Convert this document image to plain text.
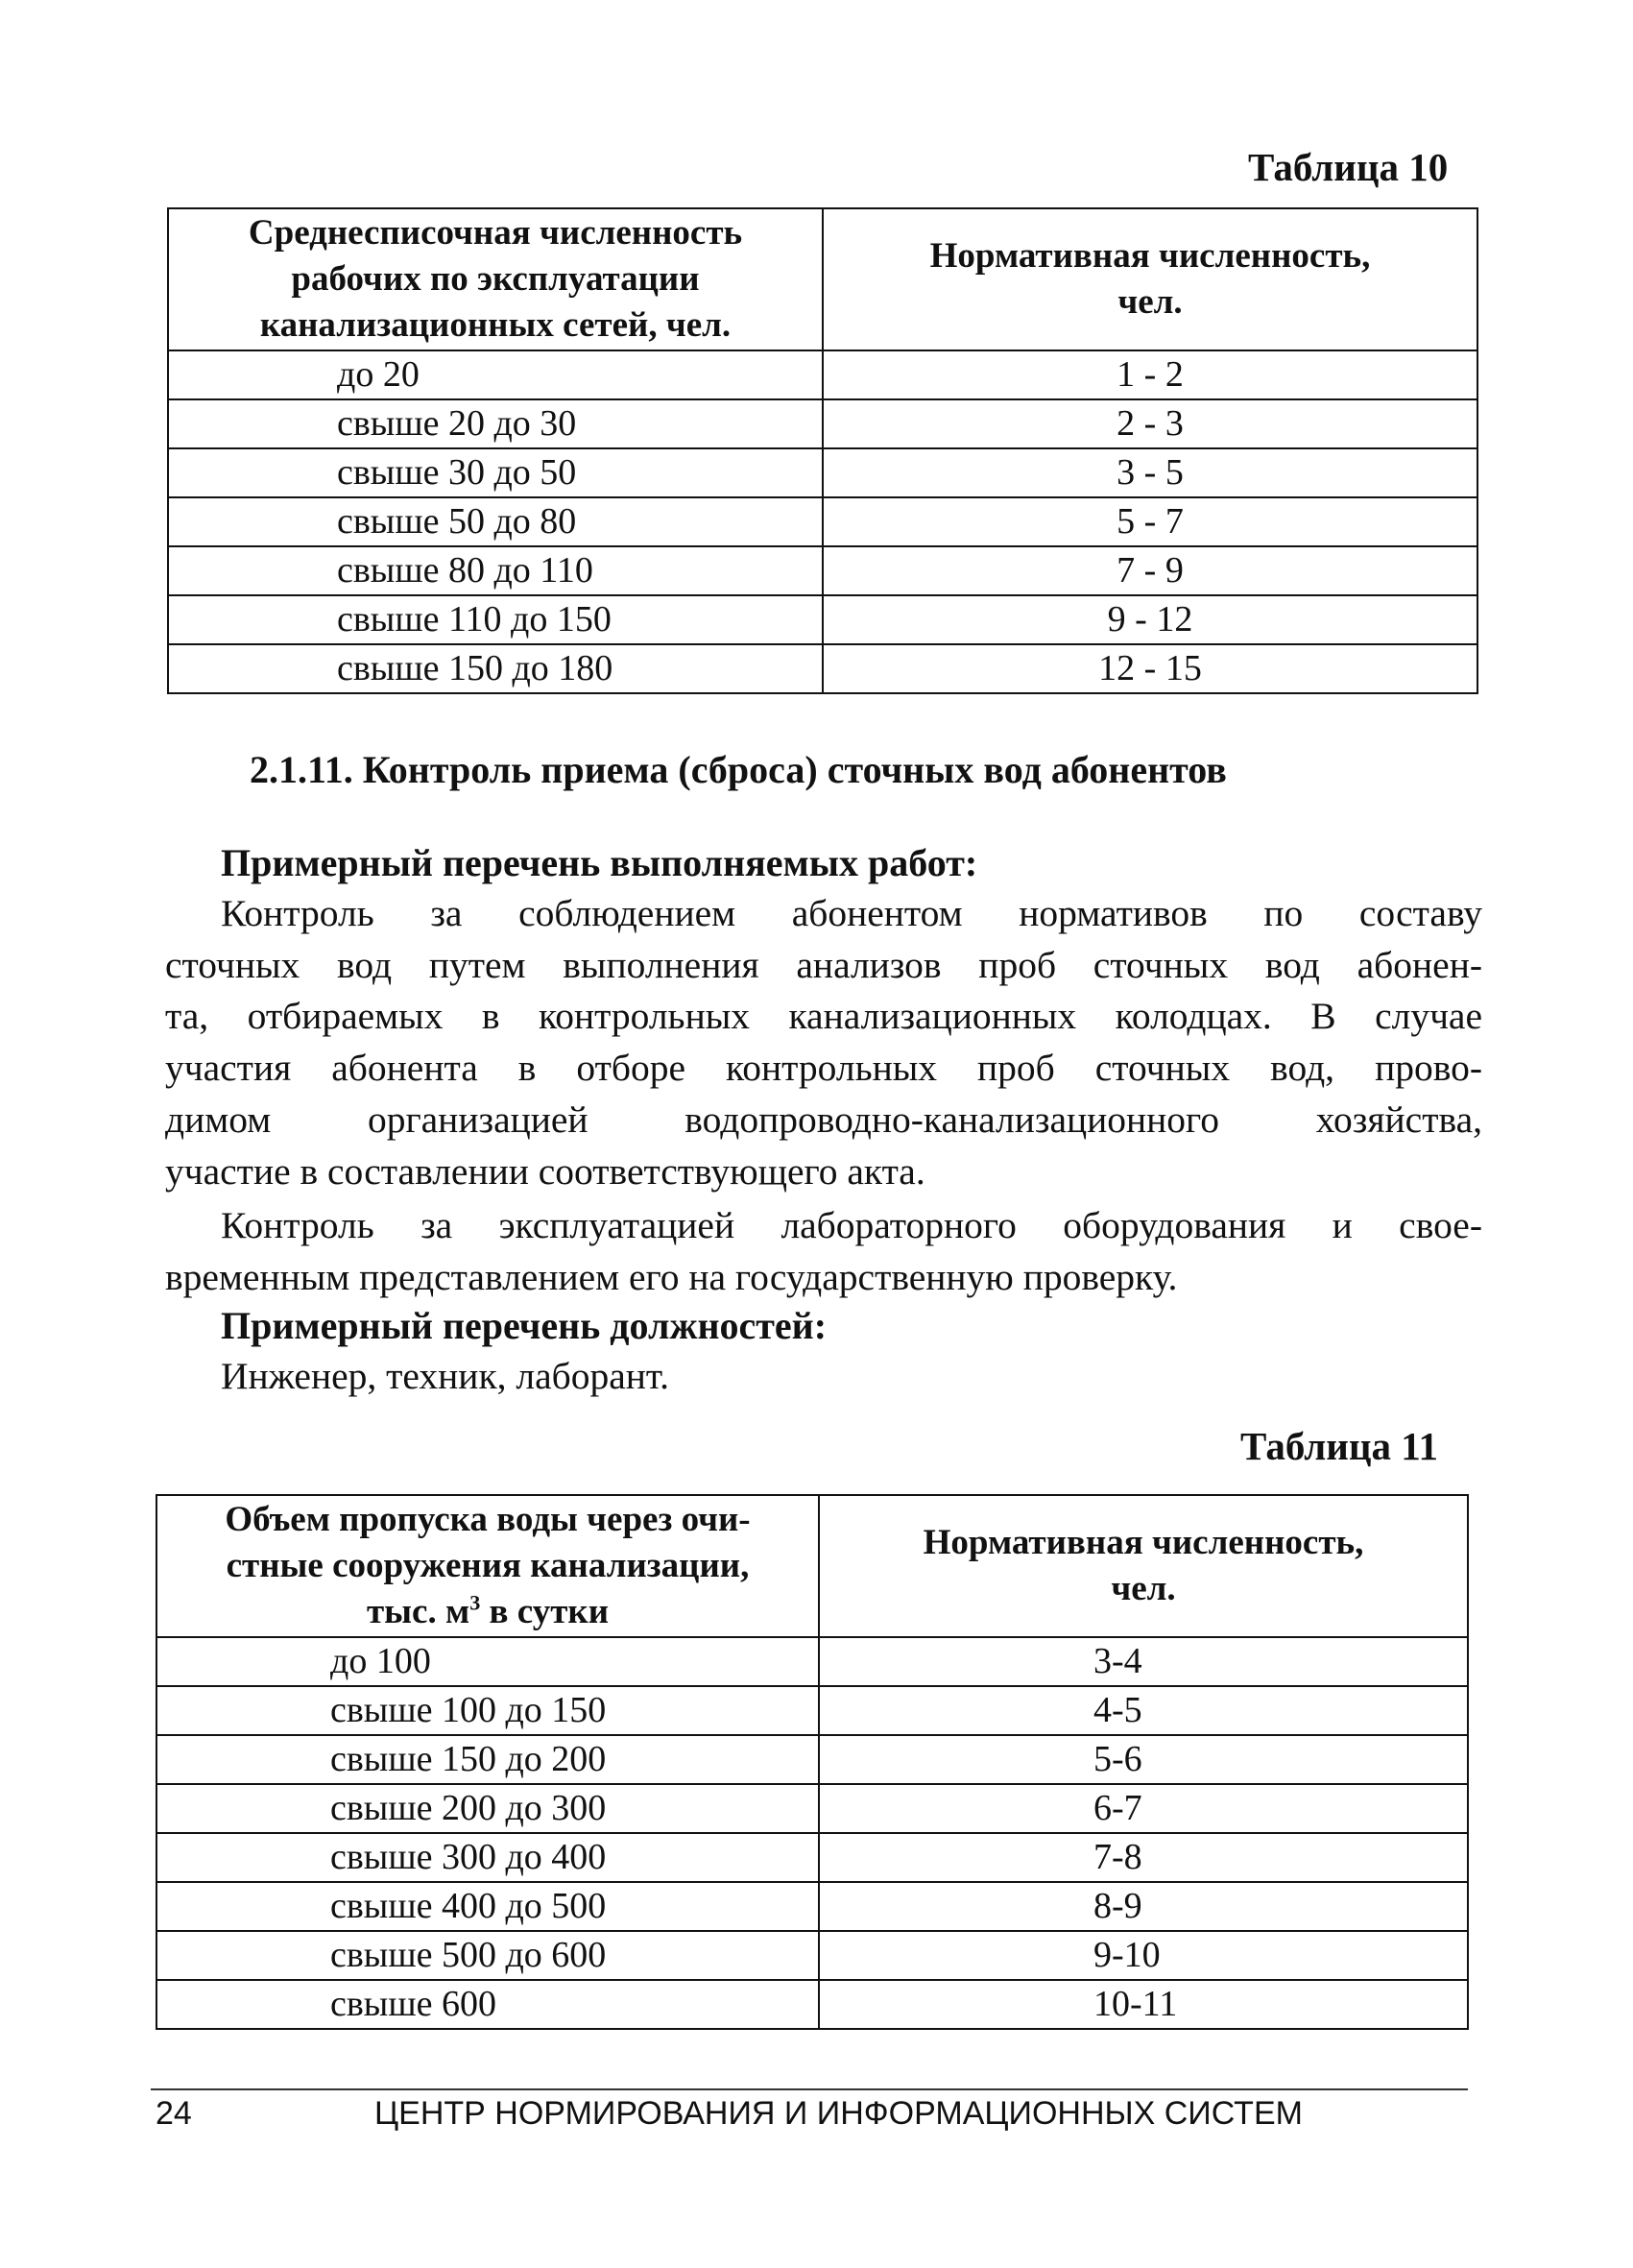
Таблица 10
Среднесписочная численность
рабочих по эксплуатации
канализационных сетей, чел.	Нормативная численность,
чел.

до 20	1 - 2
свыше 20 до 30	2 - 3
свыше 30 до 50	3 - 5
свыше 50 до 80	5 - 7
свыше 80 до 110	7 - 9
свыше 110 до 150	9 - 12
свыше 150 до 180	12 - 15
2.1.11. Контроль приема (сброса) сточных вод абонентов
Примерный перечень выполняемых работ:

Контроль за соблюдением абонентом нормативов по составу
сточных вод путем выполнения анализов проб сточных вод абонен-
та, отбираемых в контрольных канализационных колодцах. В случае
участия абонента в отборе контрольных проб сточных вод, прово-
димом организацией водопроводно-канализационного хозяйства,
участие в составлении соответствующего акта.

Контроль за эксплуатацией лабораторного оборудования и свое-
временным представлением его на государственную проверку.

Примерный перечень должностей:

Инженер, техник, лаборант.

Таблица 11
Объем пропуска воды через очи-
стные сооружения канализации,
тыс. $м^3$ в сутки	Нормативная численность,
чел.

до 100	3-4
свыше 100 до 150	4-5
свыше 150 до 200	5-6
свыше 200 до 300	6-7
свыше 300 до 400	7-8
свыше 400 до 500	8-9
свыше 500 до 600	9-10
свыше 600	10-11
24	ЦЕНТР НОРМИРОВАНИЯ И ИНФОРМАЦИОННЫХ СИСТЕМ
